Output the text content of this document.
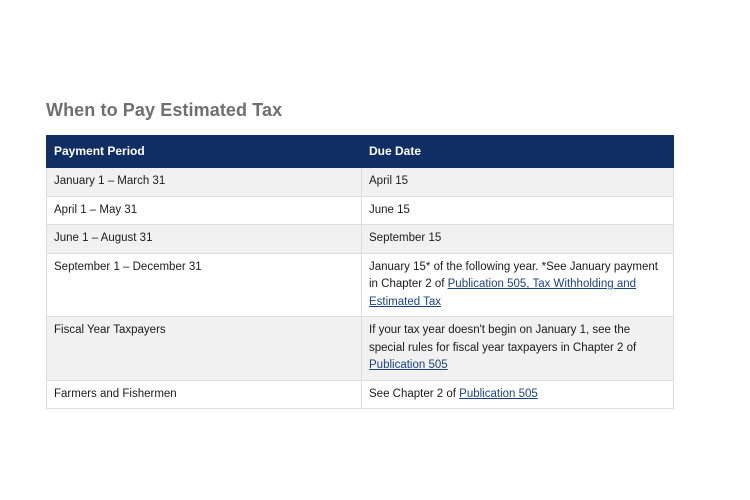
When to Pay Estimated Tax
Payment Period	Due Date
January 1 – March 31	April 15
April 1 – May 31	June 15
June 1 – August 31	September 15
September 1 – December 31	January 15* of the following year. *See January payment in Chapter 2 of Publication 505, Tax Withholding and Estimated Tax
Fiscal Year Taxpayers	If your tax year doesn't begin on January 1, see the special rules for fiscal year taxpayers in Chapter 2 of Publication 505
Farmers and Fishermen	See Chapter 2 of Publication 505
